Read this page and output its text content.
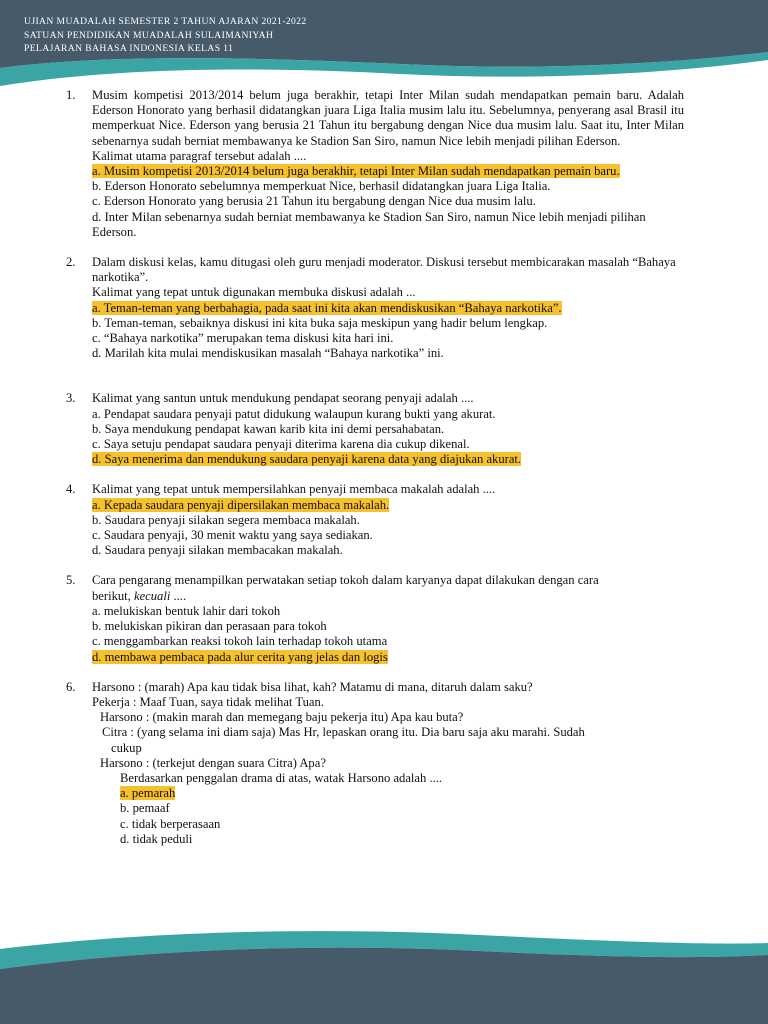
UJIAN MUADALAH SEMESTER 2 TAHUN AJARAN 2021-2022
SATUAN PENDIDIKAN MUADALAH SULAIMANIYAH
PELAJARAN BAHASA INDONESIA KELAS 11
1. Musim kompetisi 2013/2014 belum juga berakhir, tetapi Inter Milan sudah mendapatkan pemain baru. Adalah Ederson Honorato yang berhasil didatangkan juara Liga Italia musim lalu itu. Sebelumnya, penyerang asal Brasil itu memperkuat Nice. Ederson yang berusia 21 Tahun itu bergabung dengan Nice dua musim lalu. Saat itu, Inter Milan sebenarnya sudah berniat membawanya ke Stadion San Siro, namun Nice lebih menjadi pilihan Ederson.

Kalimat utama paragraf tersebut adalah ....

a. Musim kompetisi 2013/2014 belum juga berakhir, tetapi Inter Milan sudah mendapatkan pemain baru.

b. Ederson Honorato sebelumnya memperkuat Nice, berhasil didatangkan juara Liga Italia.

c. Ederson Honorato yang berusia 21 Tahun itu bergabung dengan Nice dua musim lalu.

d. Inter Milan sebenarnya sudah berniat membawanya ke Stadion San Siro, namun Nice lebih menjadi pilihan Ederson.

2. Dalam diskusi kelas, kamu ditugasi oleh guru menjadi moderator. Diskusi tersebut membicarakan masalah “Bahaya narkotika”.

Kalimat yang tepat untuk digunakan membuka diskusi adalah ...

a. Teman-teman yang berbahagia, pada saat ini kita akan mendiskusikan “Bahaya narkotika”.

b. Teman-teman, sebaiknya diskusi ini kita buka saja meskipun yang hadir belum lengkap.

c. “Bahaya narkotika” merupakan tema diskusi kita hari ini.

d. Marilah kita mulai mendiskusikan masalah “Bahaya narkotika” ini.

3. Kalimat yang santun untuk mendukung pendapat seorang penyaji adalah ....

a. Pendapat saudara penyaji patut didukung walaupun kurang bukti yang akurat.

b. Saya mendukung pendapat kawan karib kita ini demi persahabatan.

c. Saya setuju pendapat saudara penyaji diterima karena dia cukup dikenal.

d. Saya menerima dan mendukung saudara penyaji karena data yang diajukan akurat.

4. Kalimat yang tepat untuk mempersilahkan penyaji membaca makalah adalah ....

a. Kepada saudara penyaji dipersilakan membaca makalah.

b. Saudara penyaji silakan segera membaca makalah.

c. Saudara penyaji, 30 menit waktu yang saya sediakan.

d. Saudara penyaji silakan membacakan makalah.

5. Cara pengarang menampilkan perwatakan setiap tokoh dalam karyanya dapat dilakukan dengan cara

berikut, kecuali ....

a. melukiskan bentuk lahir dari tokoh

b. melukiskan pikiran dan perasaan para tokoh

c. menggambarkan reaksi tokoh lain terhadap tokoh utama

d. membawa pembaca pada alur cerita yang jelas dan logis

6. Harsono : (marah) Apa kau tidak bisa lihat, kah? Matamu di mana, ditaruh dalam saku?

Pekerja : Maaf Tuan, saya tidak melihat Tuan.

Harsono : (makin marah dan memegang baju pekerja itu) Apa kau buta?

Citra : (yang selama ini diam saja) Mas Hr, lepaskan orang itu. Dia baru saja aku marahi. Sudah

cukup

Harsono : (terkejut dengan suara Citra) Apa?

Berdasarkan penggalan drama di atas, watak Harsono adalah ....

a. pemarah

b. pemaaf

c. tidak berperasaan

d. tidak peduli
